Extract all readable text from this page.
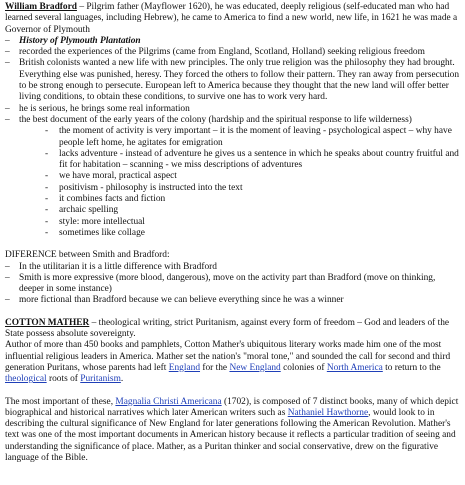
William Bradford – Pilgrim father (Mayflower 1620), he was educated, deeply religious (self-educated man who had learned several languages, including Hebrew), he came to America to find a new world, new life, in 1621 he was made a Governor of Plymouth

– History of Plymouth Plantation
– recorded the experiences of the Pilgrims (came from England, Scotland, Holland) seeking religious freedom
– British colonists wanted a new life with new principles. The only true religion was the philosophy they had brought. Everything else was punished, heresy. They forced the others to follow their pattern. They ran away from persecution to be strong enough to persecute. European left to America because they thought that the new land will offer better living conditions, to obtain these conditions, to survive one has to work very hard.
– he is serious, he brings some real information
– the best document of the early years of the colony (hardship and the spiritual response to life wilderness)
-	the moment of activity is very important – it is the moment of leaving - psychological aspect – why have people left home, he agitates for emigration
-	lacks adventure - instead of adventure he gives us a sentence in which he speaks about country fruitful and fit for habitation – scanning - we miss descriptions of adventures
-	we have moral, practical aspect
-	positivism - philosophy is instructed into the text
-	it combines facts and fiction
-	archaic spelling
-	style: more intellectual
-	sometimes like collage

DIFERENCE between Smith and Bradford:

– In the utilitarian it is a little difference with Bradford
– Smith is more expressive (more blood, dangerous), move on the activity part than Bradford (move on thinking, deeper in some instance)
– more fictional than Bradford because we can believe everything since he was a winner

COTTON MATHER – theological writing, strict Puritanism, against every form of freedom – God and leaders of the State possess absolute sovereignty.

Author of more than 450 books and pamphlets, Cotton Mather's ubiquitous literary works made him one of the most influential religious leaders in America. Mather set the nation's "moral tone," and sounded the call for second and third generation Puritans, whose parents had left England for the New England colonies of North America to return to the theological roots of Puritanism.

The most important of these, Magnalia Christi Americana (1702), is composed of 7 distinct books, many of which depict biographical and historical narratives which later American writers such as Nathaniel Hawthorne, would look to in describing the cultural significance of New England for later generations following the American Revolution. Mather's text was one of the most important documents in American history because it reflects a particular tradition of seeing and understanding the significance of place. Mather, as a Puritan thinker and social conservative, drew on the figurative language of the Bible.
